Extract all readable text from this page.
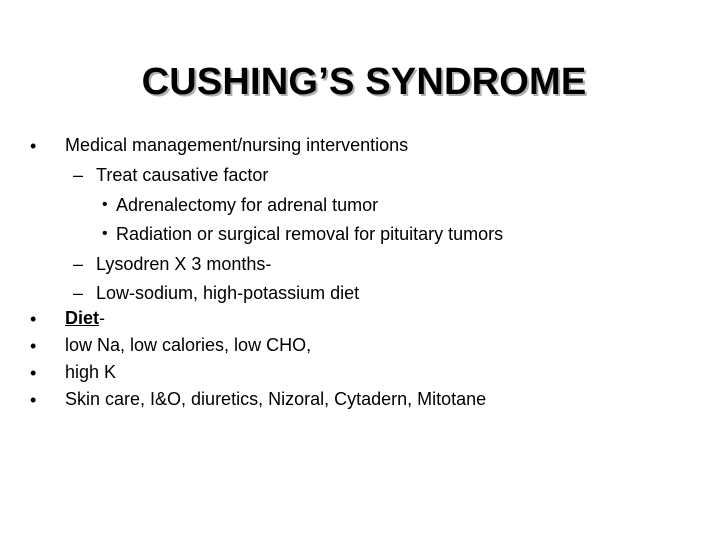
CUSHING’S SYNDROME
• Medical management/nursing interventions
– Treat causative factor
• Adrenalectomy for adrenal tumor
• Radiation or surgical removal for pituitary tumors
– Lysodren X 3 months-
– Low-sodium, high-potassium diet
• Diet-
• low Na, low calories, low CHO,
• high K
• Skin care, I&O, diuretics, Nizoral, Cytadern, Mitotane
